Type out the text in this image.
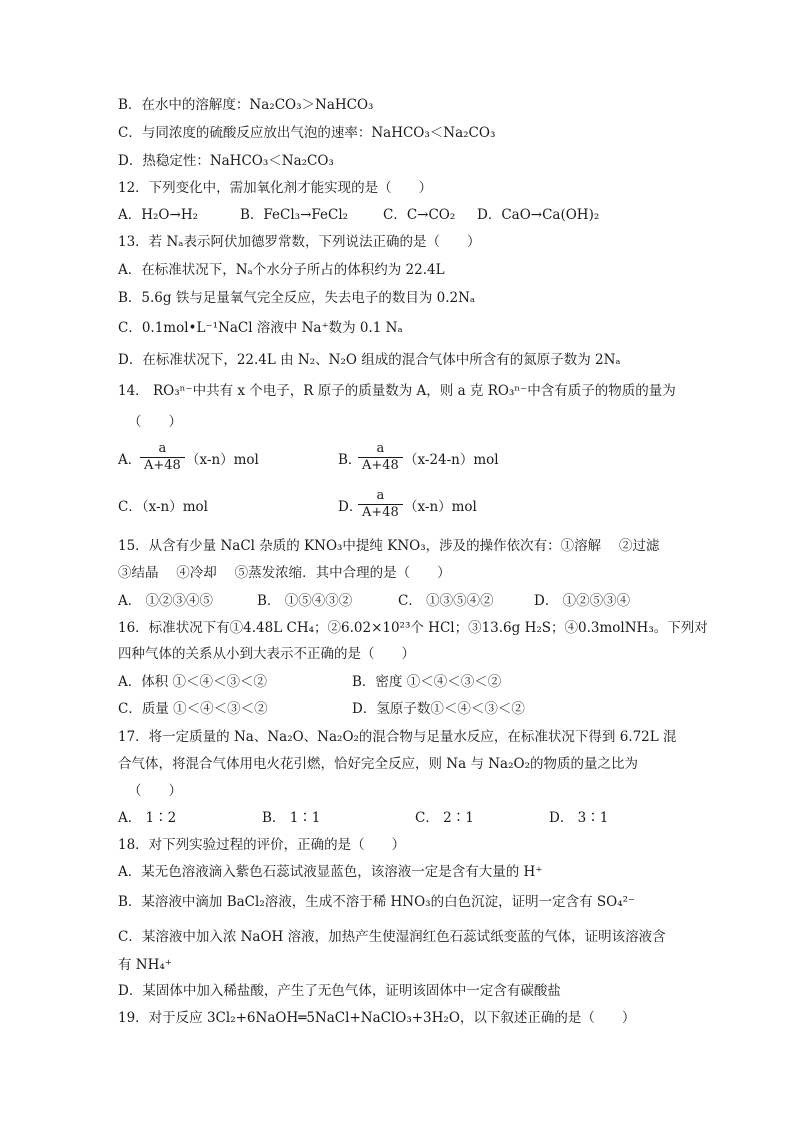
B．在水中的溶解度：Na₂CO₃＞NaHCO₃
C．与同浓度的硫酸反应放出气泡的速率：NaHCO₃＜Na₂CO₃
D．热稳定性：NaHCO₃＜Na₂CO₃
12．下列变化中，需加氧化剂才能实现的是（　　）
A．H₂O→H₂	B．FeCl₃→FeCl₂	C．C→CO₂ D．CaO→Ca(OH)₂
13．若 Nₐ表示阿伏加德罗常数，下列说法正确的是（　　）
A．在标准状况下，Nₐ个水分子所占的体积约为 22.4L
B．5.6g 铁与足量氧气完全反应，失去电子的数目为 0.2Nₐ
C．0.1mol•L⁻¹NaCl 溶液中 Na⁺数为 0.1 Nₐ
D．在标准状况下，22.4L 由 N₂、N₂O 组成的混合气体中所含有的氮原子数为 2Nₐ
14． RO₃ⁿ⁻中共有 x 个电子，R 原子的质量数为 A，则 a 克 RO₃ⁿ⁻中含有质子的物质的量为
（　　）
A．
a
A+48 （x-n）mol	B．
a
A+48 （x-24-n）mol
C．（x-n）mol	D．
a
A+48 （x-n）mol
15．从含有少量 NaCl 杂质的 KNO₃中提纯 KNO₃，涉及的操作依次有：①溶解　 ②过滤
③结晶　 ④冷却　 ⑤蒸发浓缩．其中合理的是（　　）
A． ①②③④⑤	B． ①⑤④③②	C． ①③⑤④②	D． ①②⑤③④
16．标准状况下有①4.48L CH₄；②6.02×10²³个 HCl；③13.6g H₂S；④0.3molNH₃。下列对
四种气体的关系从小到大表示不正确的是（　　）
A．体积 ①＜④＜③＜②	B．密度 ①＜④＜③＜②
C．质量 ①＜④＜③＜②	D．氢原子数①＜④＜③＜②
17．将一定质量的 Na、Na₂O、Na₂O₂的混合物与足量水反应，在标准状况下得到 6.72L 混
合气体，将混合气体用电火花引燃，恰好完全反应，则 Na 与 Na₂O₂的物质的量之比为
（　　）
A． 1∶2	B． 1∶1	C． 2∶1	D． 3∶1
18．对下列实验过程的评价，正确的是（　　）
A．某无色溶液滴入紫色石蕊试液显蓝色，该溶液一定是含有大量的 H⁺
B．某溶液中滴加 BaCl₂溶液，生成不溶于稀 HNO₃的白色沉淀，证明一定含有 SO₄²⁻
C．某溶液中加入浓 NaOH 溶液，加热产生使湿润红色石蕊试纸变蓝的气体，证明该溶液含
有 NH₄⁺
D．某固体中加入稀盐酸，产生了无色气体，证明该固体中一定含有碳酸盐
19．对于反应 3Cl₂+6NaOH═5NaCl+NaClO₃+3H₂O，以下叙述正确的是（　　）
